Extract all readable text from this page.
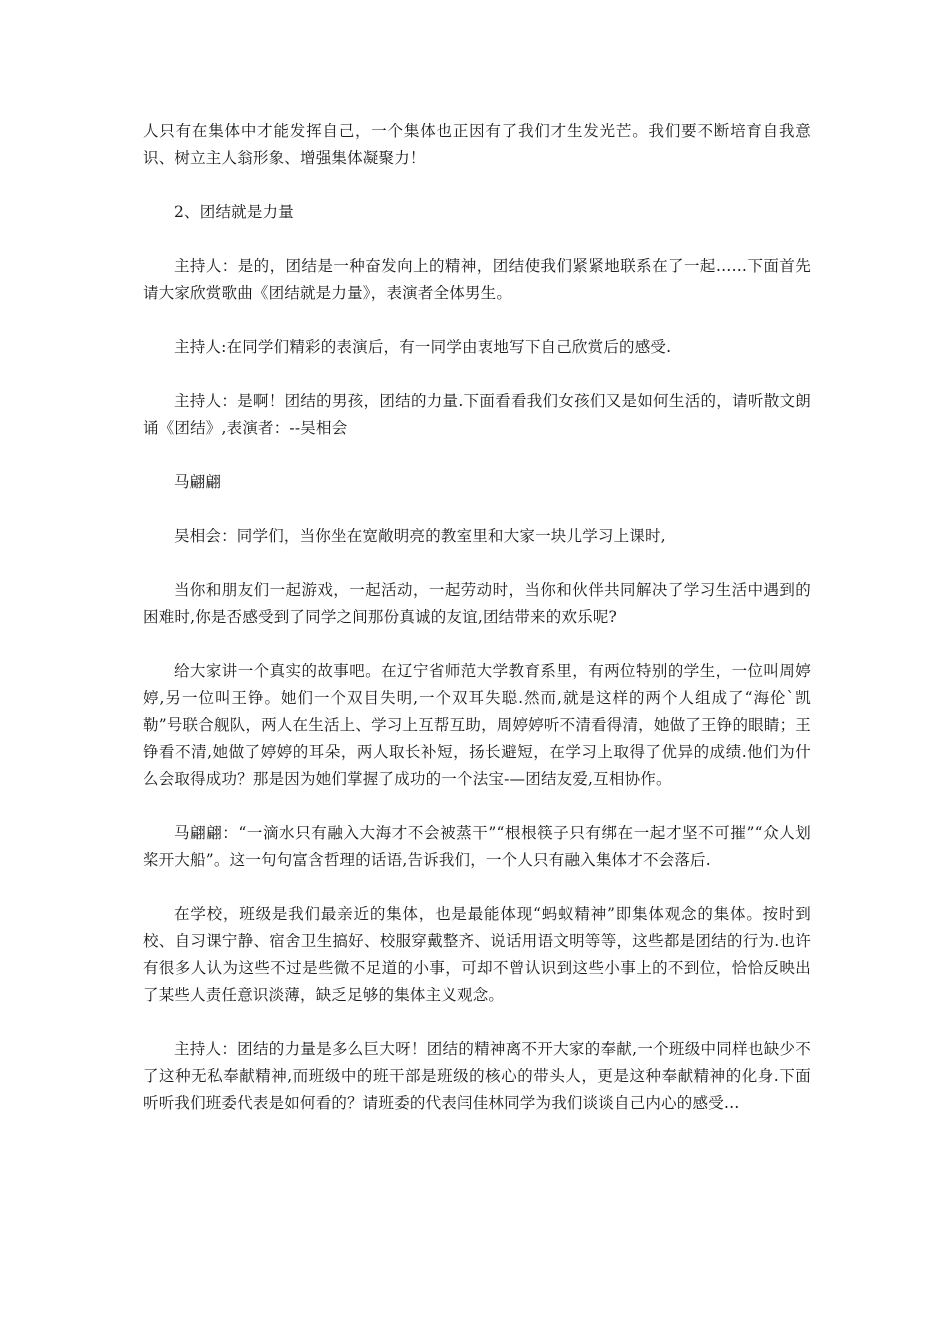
人只有在集体中才能发挥自己，一个集体也正因有了我们才生发光芒。我们要不断培育自我意识、树立主人翁形象、增强集体凝聚力！

2、团结就是力量

主持人：是的，团结是一种奋发向上的精神，团结使我们紧紧地联系在了一起……下面首先请大家欣赏歌曲《团结就是力量》，表演者全体男生。

主持人:在同学们精彩的表演后，有一同学由衷地写下自己欣赏后的感受.

主持人：是啊！团结的男孩，团结的力量.下面看看我们女孩们又是如何生活的，请听散文朗诵《团结》,表演者：--吴相会

马翩翩

吴相会：同学们，当你坐在宽敞明亮的教室里和大家一块儿学习上课时,

当你和朋友们一起游戏，一起活动，一起劳动时，当你和伙伴共同解决了学习生活中遇到的困难时,你是否感受到了同学之间那份真诚的友谊,团结带来的欢乐呢?

给大家讲一个真实的故事吧。在辽宁省师范大学教育系里，有两位特别的学生，一位叫周婷婷,另一位叫王铮。她们一个双目失明,一个双耳失聪.然而,就是这样的两个人组成了“海伦`凯勒”号联合舰队，两人在生活上、学习上互帮互助，周婷婷听不清看得清，她做了王铮的眼睛；王铮看不清,她做了婷婷的耳朵，两人取长补短，扬长避短，在学习上取得了优异的成绩.他们为什么会取得成功？那是因为她们掌握了成功的一个法宝-—团结友爱,互相协作。

马翩翩：“一滴水只有融入大海才不会被蒸干”“根根筷子只有绑在一起才坚不可摧”“众人划桨开大船”。这一句句富含哲理的话语,告诉我们，一个人只有融入集体才不会落后.

在学校，班级是我们最亲近的集体，也是最能体现“蚂蚁精神”即集体观念的集体。按时到校、自习课宁静、宿舍卫生搞好、校服穿戴整齐、说话用语文明等等，这些都是团结的行为.也许有很多人认为这些不过是些微不足道的小事，可却不曾认识到这些小事上的不到位，恰恰反映出了某些人责任意识淡薄，缺乏足够的集体主义观念。

主持人：团结的力量是多么巨大呀！团结的精神离不开大家的奉献,一个班级中同样也缺少不了这种无私奉献精神,而班级中的班干部是班级的核心的带头人，更是这种奉献精神的化身.下面听听我们班委代表是如何看的？请班委的代表闫佳林同学为我们谈谈自己内心的感受…
